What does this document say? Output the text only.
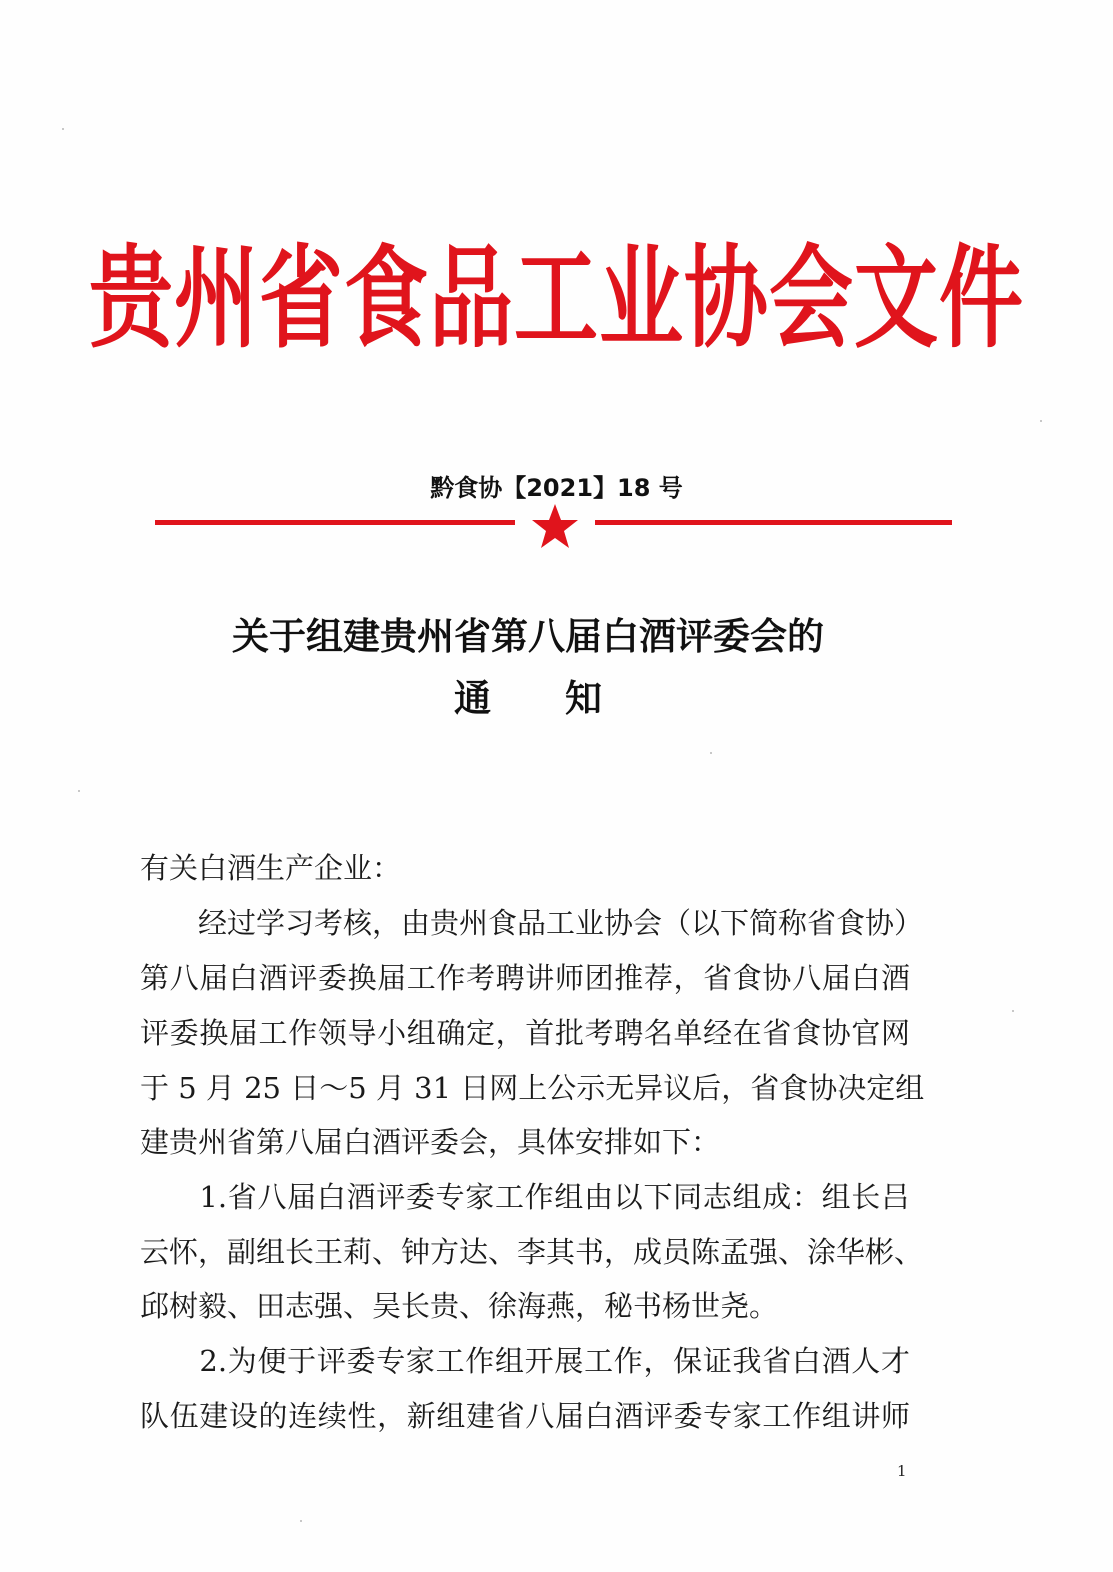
贵州省食品工业协会文件
黔食协【2021】18 号
关于组建贵州省第八届白酒评委会的
通　　知
有关白酒生产企业：
　　经过学习考核，由贵州食品工业协会（以下简称省食协）
第八届白酒评委换届工作考聘讲师团推荐，省食协八届白酒
评委换届工作领导小组确定，首批考聘名单经在省食协官网
于 5 月 25 日～5 月 31 日网上公示无异议后，省食协决定组
建贵州省第八届白酒评委会，具体安排如下：
　　1.省八届白酒评委专家工作组由以下同志组成：组长吕
云怀，副组长王莉、钟方达、李其书，成员陈孟强、涂华彬、
邱树毅、田志强、吴长贵、徐海燕，秘书杨世尧。
　　2.为便于评委专家工作组开展工作，保证我省白酒人才
队伍建设的连续性，新组建省八届白酒评委专家工作组讲师
1
